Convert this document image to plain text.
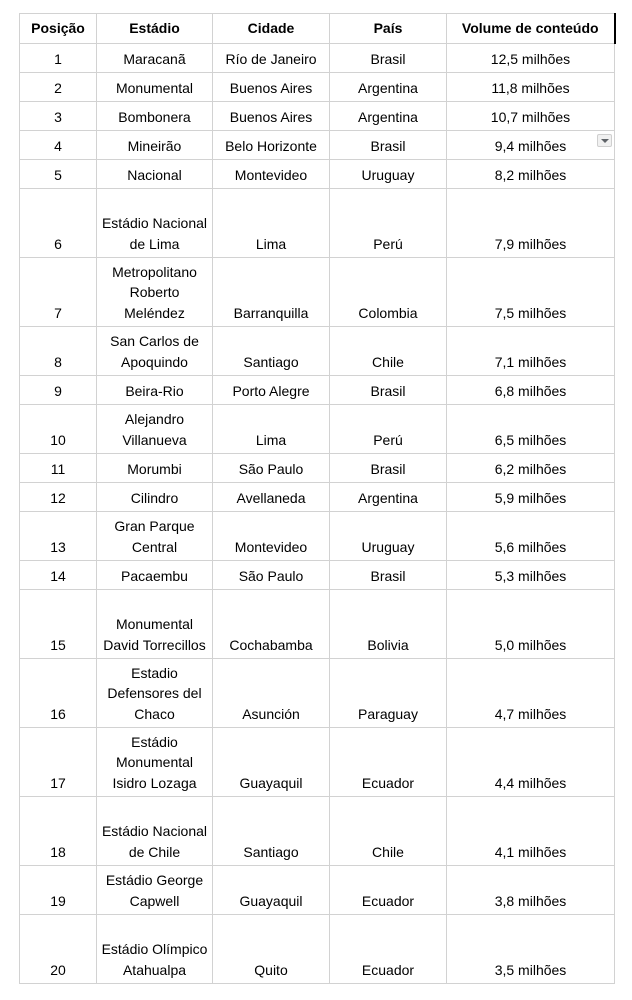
Posição	Estádio	Cidade	País	Volume de conteúdo
1	Maracanã	Río de Janeiro	Brasil	12,5 milhões
2	Monumental	Buenos Aires	Argentina	11,8 milhões
3	Bombonera	Buenos Aires	Argentina	10,7 milhões
4	Mineirão	Belo Horizonte	Brasil	9,4 milhões

5	Nacional	Montevideo	Uruguay	8,2 milhões
6	Estádio Nacional de Lima	Lima	Perú	7,9 milhões
7	Metropolitano Roberto Meléndez	Barranquilla	Colombia	7,5 milhões
8	San Carlos de Apoquindo	Santiago	Chile	7,1 milhões
9	Beira-Rio	Porto Alegre	Brasil	6,8 milhões
10	Alejandro Villanueva	Lima	Perú	6,5 milhões
11	Morumbi	São Paulo	Brasil	6,2 milhões
12	Cilindro	Avellaneda	Argentina	5,9 milhões
13	Gran Parque Central	Montevideo	Uruguay	5,6 milhões
14	Pacaembu	São Paulo	Brasil	5,3 milhões
15	Monumental David Torrecillos	Cochabamba	Bolivia	5,0 milhões
16	Estadio Defensores del Chaco	Asunción	Paraguay	4,7 milhões
17	Estádio Monumental Isidro Lozaga	Guayaquil	Ecuador	4,4 milhões
18	Estádio Nacional de Chile	Santiago	Chile	4,1 milhões
19	Estádio George Capwell	Guayaquil	Ecuador	3,8 milhões
20	Estádio Olímpico Atahualpa	Quito	Ecuador	3,5 milhões
